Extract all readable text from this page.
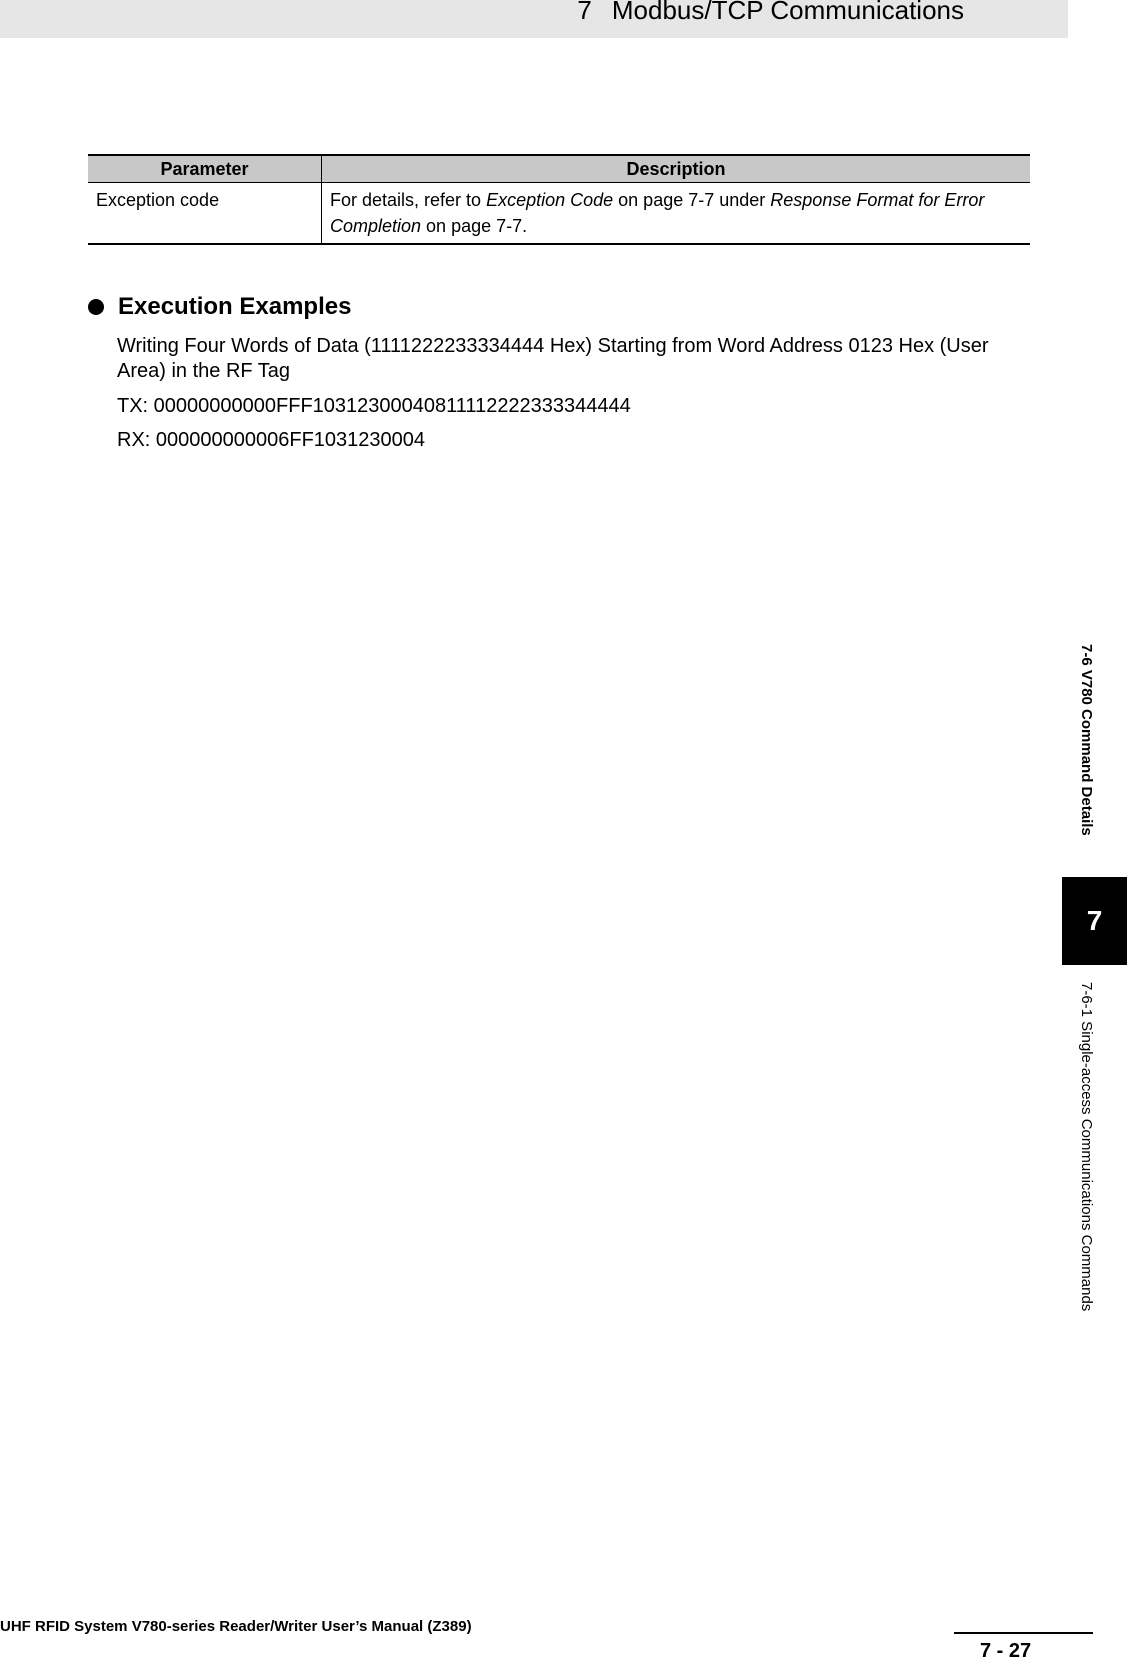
7 Modbus/TCP Communications
Parameter	Description
Exception code	For details, refer to Exception Code on page 7-7 under Response Format for Error Completion on page 7-7.
Execution Examples
Writing Four Words of Data (1111222233334444 Hex) Starting from Word Address 0123 Hex (User Area) in the RF Tag
TX: 00000000000FFF10312300040811112222333344444
RX: 000000000006FF1031230004
7-6 V780 Command Details
7
7-6-1 Single-access Communications Commands
UHF RFID System V780-series Reader/Writer User’s Manual (Z389)
7 - 27
